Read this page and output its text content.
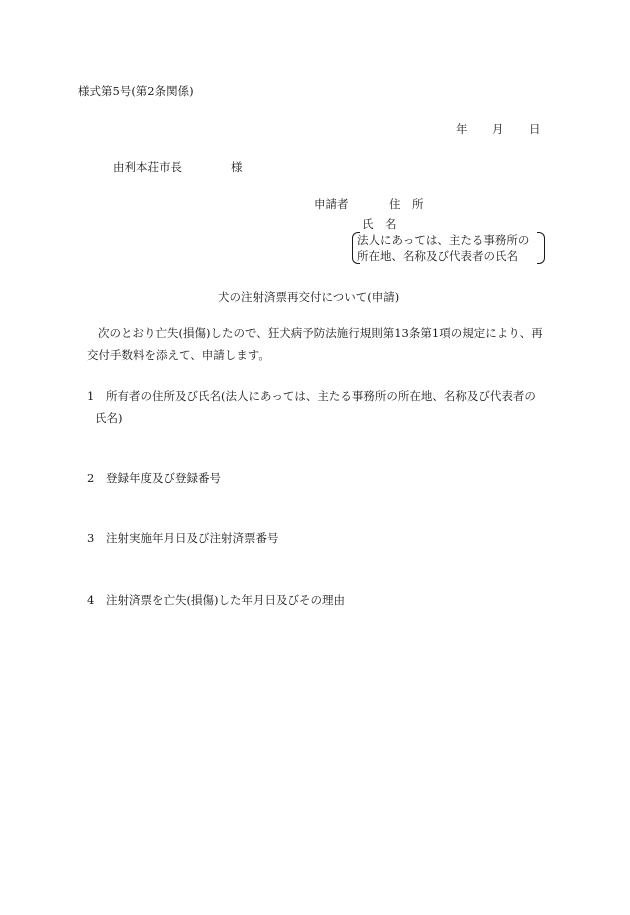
様式第5号(第2条関係)
年 月 日
由利本荘市長	様
申請者	住　所
氏　名
法人にあっては、主たる事務所の
所在地、名称及び代表者の氏名
犬の注射済票再交付について(申請)
次のとおり亡失(損傷)したので、狂犬病予防法施行規則第13条第1項の規定により、再
交付手数料を添えて、申請します。
1 所有者の住所及び氏名(法人にあっては、主たる事務所の所在地、名称及び代表者の
氏名)
2 登録年度及び登録番号
3 注射実施年月日及び注射済票番号
4 注射済票を亡失(損傷)した年月日及びその理由
